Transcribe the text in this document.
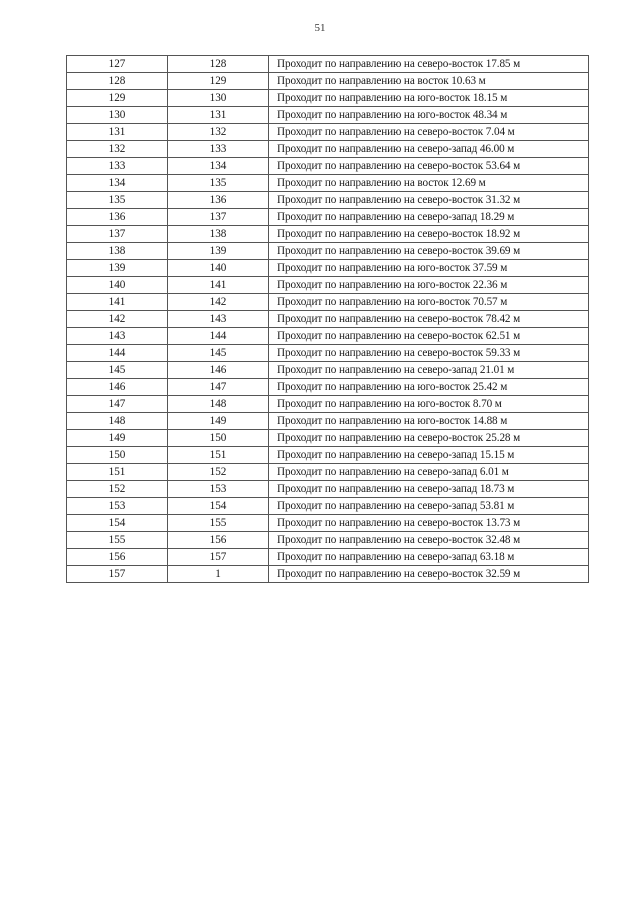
51
127	128	Проходит по направлению на северо-восток 17.85 м
128	129	Проходит по направлению на восток 10.63 м
129	130	Проходит по направлению на юго-восток 18.15 м
130	131	Проходит по направлению на юго-восток 48.34 м
131	132	Проходит по направлению на северо-восток 7.04 м
132	133	Проходит по направлению на северо-запад 46.00 м
133	134	Проходит по направлению на северо-восток 53.64 м
134	135	Проходит по направлению на восток 12.69 м
135	136	Проходит по направлению на северо-восток 31.32 м
136	137	Проходит по направлению на северо-запад 18.29 м
137	138	Проходит по направлению на северо-восток 18.92 м
138	139	Проходит по направлению на северо-восток 39.69 м
139	140	Проходит по направлению на юго-восток 37.59 м
140	141	Проходит по направлению на юго-восток 22.36 м
141	142	Проходит по направлению на юго-восток 70.57 м
142	143	Проходит по направлению на северо-восток 78.42 м
143	144	Проходит по направлению на северо-восток 62.51 м
144	145	Проходит по направлению на северо-восток 59.33 м
145	146	Проходит по направлению на северо-запад 21.01 м
146	147	Проходит по направлению на юго-восток 25.42 м
147	148	Проходит по направлению на юго-восток 8.70 м
148	149	Проходит по направлению на юго-восток 14.88 м
149	150	Проходит по направлению на северо-восток 25.28 м
150	151	Проходит по направлению на северо-запад 15.15 м
151	152	Проходит по направлению на северо-запад 6.01 м
152	153	Проходит по направлению на северо-запад 18.73 м
153	154	Проходит по направлению на северо-запад 53.81 м
154	155	Проходит по направлению на северо-восток 13.73 м
155	156	Проходит по направлению на северо-восток 32.48 м
156	157	Проходит по направлению на северо-запад 63.18 м
157	1	Проходит по направлению на северо-восток 32.59 м
